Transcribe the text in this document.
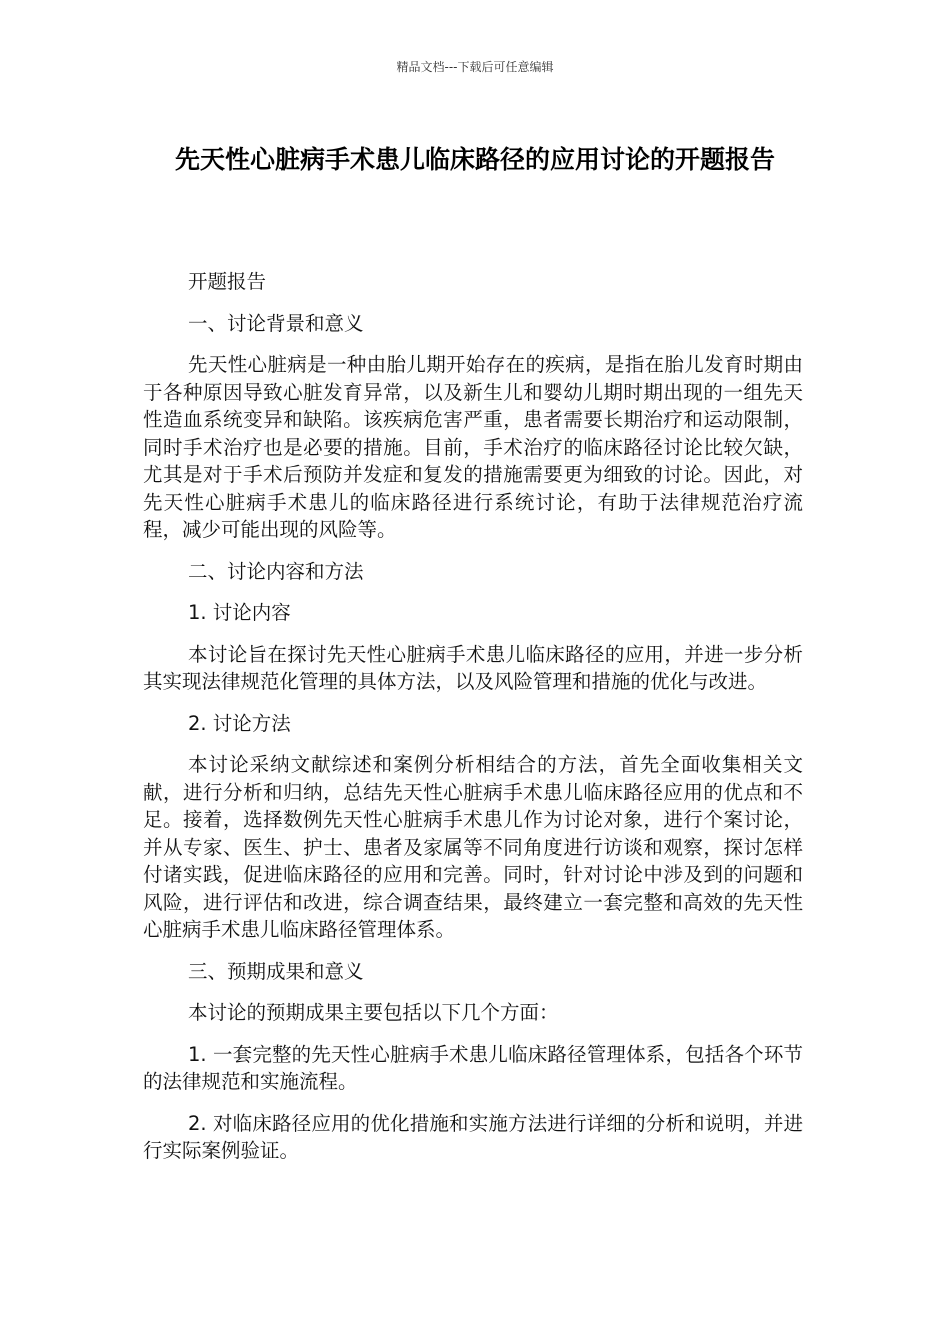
精品文档---下载后可任意编辑
先天性心脏病手术患儿临床路径的应用讨论的开题报告

开题报告

一、讨论背景和意义

先天性心脏病是一种由胎儿期开始存在的疾病，是指在胎儿发育时期由于各种原因导致心脏发育异常，以及新生儿和婴幼儿期时期出现的一组先天性造血系统变异和缺陷。该疾病危害严重，患者需要长期治疗和运动限制，同时手术治疗也是必要的措施。目前，手术治疗的临床路径讨论比较欠缺，尤其是对于手术后预防并发症和复发的措施需要更为细致的讨论。因此，对先天性心脏病手术患儿的临床路径进行系统讨论，有助于法律规范治疗流程，减少可能出现的风险等。

二、讨论内容和方法

1. 讨论内容

本讨论旨在探讨先天性心脏病手术患儿临床路径的应用，并进一步分析其实现法律规范化管理的具体方法，以及风险管理和措施的优化与改进。

2. 讨论方法

本讨论采纳文献综述和案例分析相结合的方法，首先全面收集相关文献，进行分析和归纳，总结先天性心脏病手术患儿临床路径应用的优点和不足。接着，选择数例先天性心脏病手术患儿作为讨论对象，进行个案讨论，并从专家、医生、护士、患者及家属等不同角度进行访谈和观察，探讨怎样付诸实践，促进临床路径的应用和完善。同时，针对讨论中涉及到的问题和风险，进行评估和改进，综合调查结果，最终建立一套完整和高效的先天性心脏病手术患儿临床路径管理体系。

三、预期成果和意义

本讨论的预期成果主要包括以下几个方面：

1. 一套完整的先天性心脏病手术患儿临床路径管理体系，包括各个环节的法律规范和实施流程。

2. 对临床路径应用的优化措施和实施方法进行详细的分析和说明，并进行实际案例验证。
